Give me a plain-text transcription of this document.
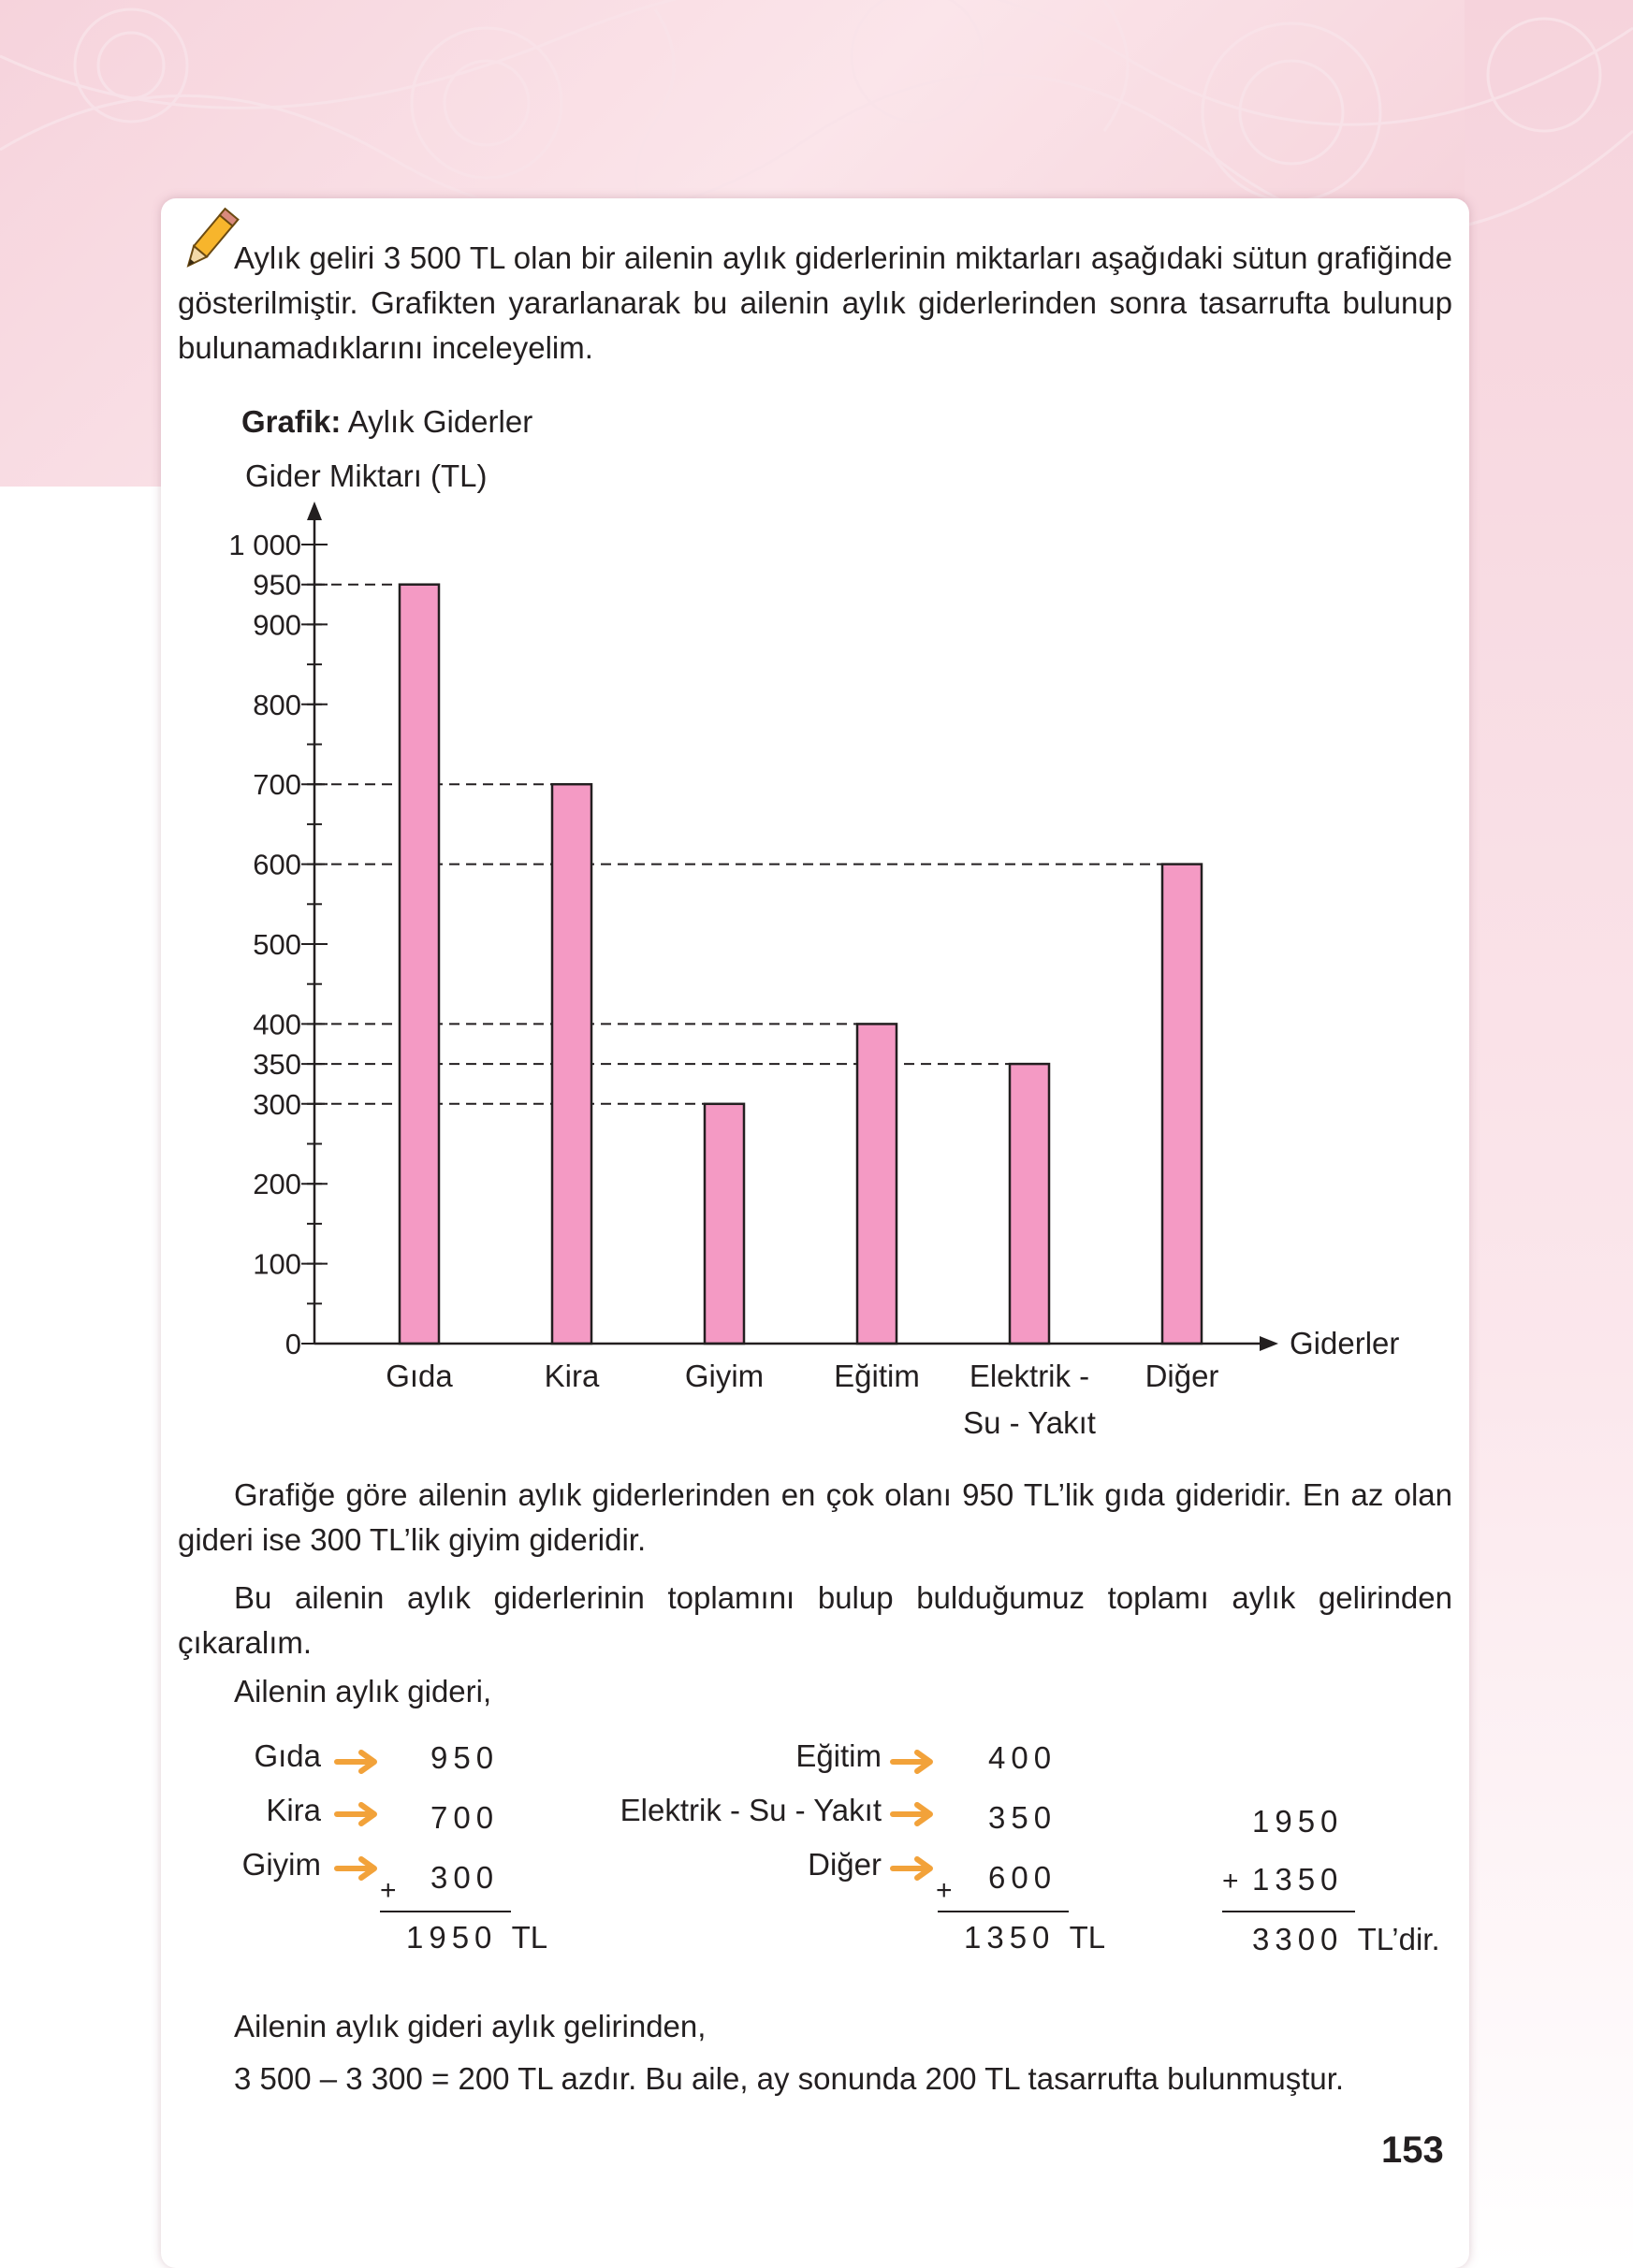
Aylık geliri 3 500 TL olan bir ailenin aylık giderlerinin miktarları aşağıdaki sütun grafiğinde gösterilmiştir. Grafikten yararlanarak bu ailenin aylık giderlerinden sonra tasarrufta bulunup bulunamadıklarını inceleyelim.

Grafik: Aylık Giderler

Gider Miktarı (TL)
0
100
200
300
350
400
500
600
700
800
900
950
1 000
Giderler
Gıda	Kira	Giyim Eğitim Elektrik -
Su - Yakıt
Diğer

Grafiğe göre ailenin aylık giderlerinden en çok olanı 950 TL’lik gıda gideridir. En az olan gideri ise 300 TL’lik giyim gideridir.

Bu ailenin aylık giderlerinin toplamını bulup bulduğumuz toplamı aylık gelirinden çıkaralım.

Ailenin aylık gideri,

Gıda

Kira

Giyim

950

700

300

+

1950 TL

Eğitim

Elektrik - Su - Yakıt

Diğer

400

350

600

+

1350 TL

1950

+ 1350

3300 TL’dir.

Ailenin aylık gideri aylık gelirinden,

3 500 – 3 300 = 200 TL azdır. Bu aile, ay sonunda 200 TL tasarrufta bulunmuştur.

153
